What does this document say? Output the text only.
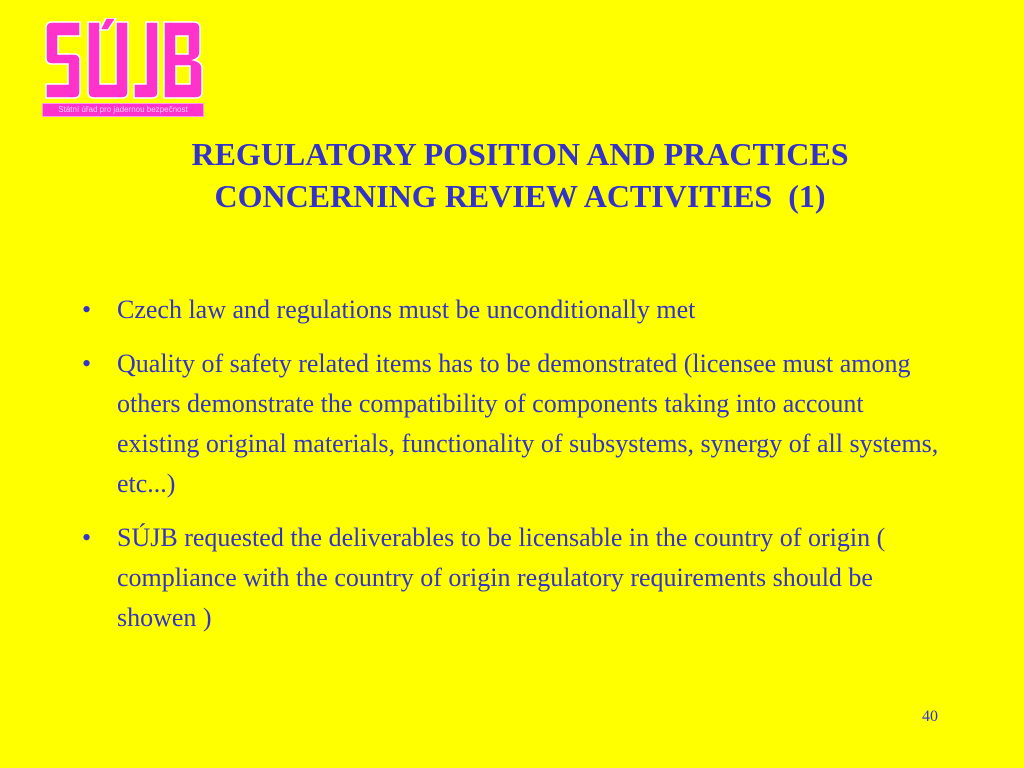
Státní úřad pro jadernou bezpečnost
REGULATORY POSITION AND PRACTICES
CONCERNING REVIEW ACTIVITIES  (1)
• Czech law and regulations must be unconditionally met
• Quality of safety related items has to be demonstrated (licensee must among others demonstrate the compatibility of components taking into account existing original materials, functionality of subsystems, synergy of all systems, etc...)
• SÚJB requested the deliverables to be licensable in the country of origin ( compliance with the country of origin regulatory requirements should be showen )
40
